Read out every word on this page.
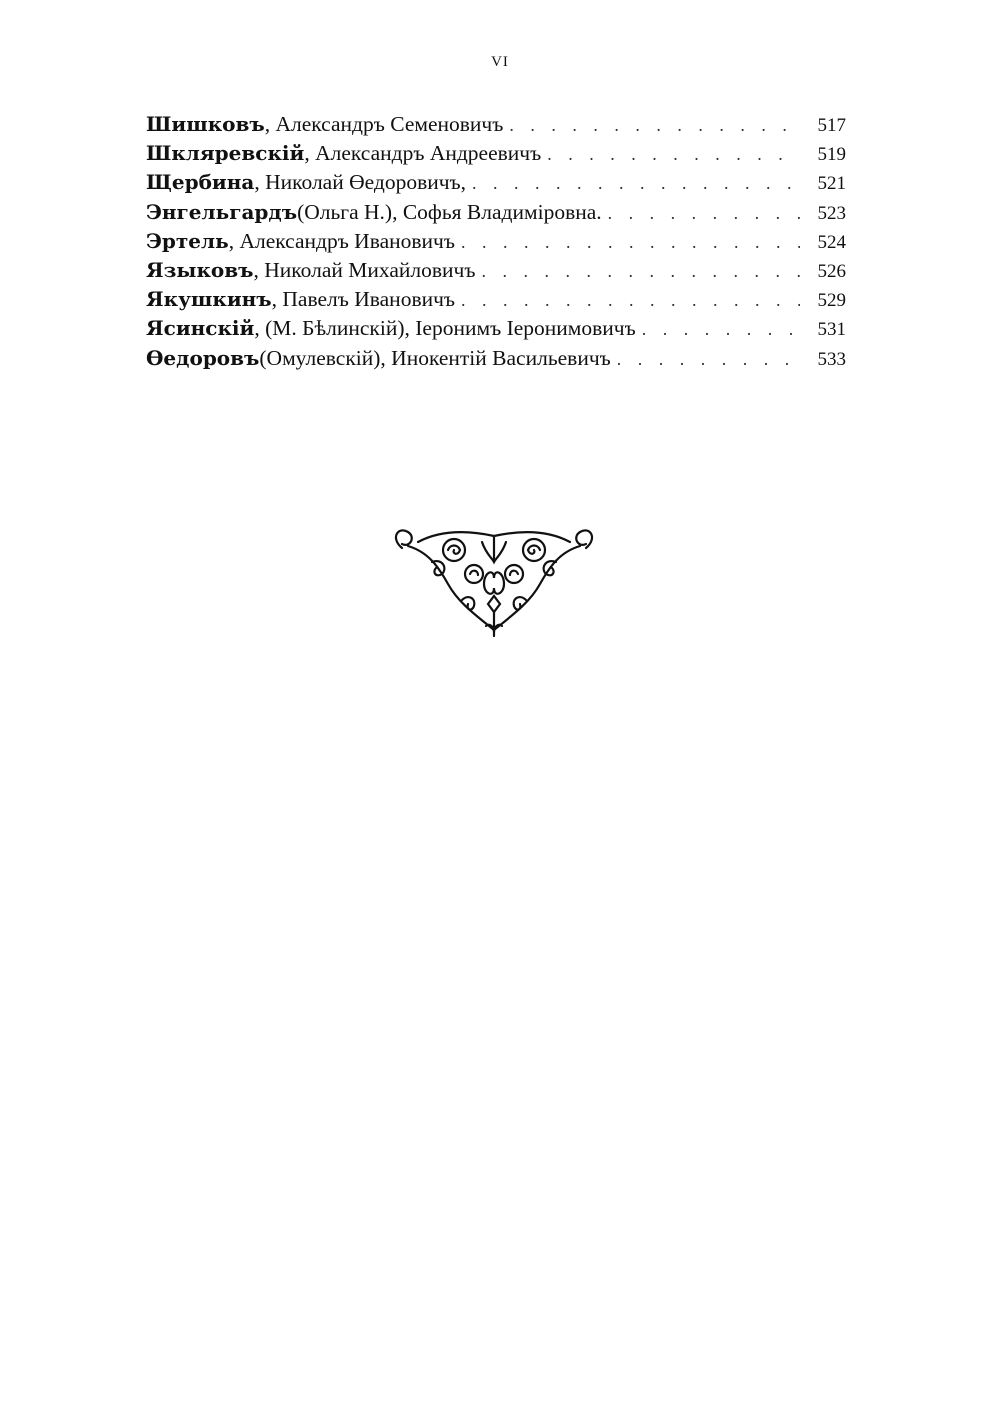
VI
Шишковъ , Александръ Семеновичъ . . .	517
Шкляревскій , Александръ Андреевичъ . . .	519
Щербина , Николай Өедоровичъ, . . .	521
Энгельгардъ (Ольга Н.), Софья Владиміровна. . . .	523
Эртель , Александръ Ивановичъ . . .	524
Языковъ , Николай Михайловичъ . . .	526
Якушкинъ , Павелъ Ивановичъ . . .	529
Ясинскій , (М. Бѣлинскій), Іеронимъ Іеронимовичъ . . .	531
Өедоровъ (Омулевскій), Инокентій Васильевичъ . . .	533
